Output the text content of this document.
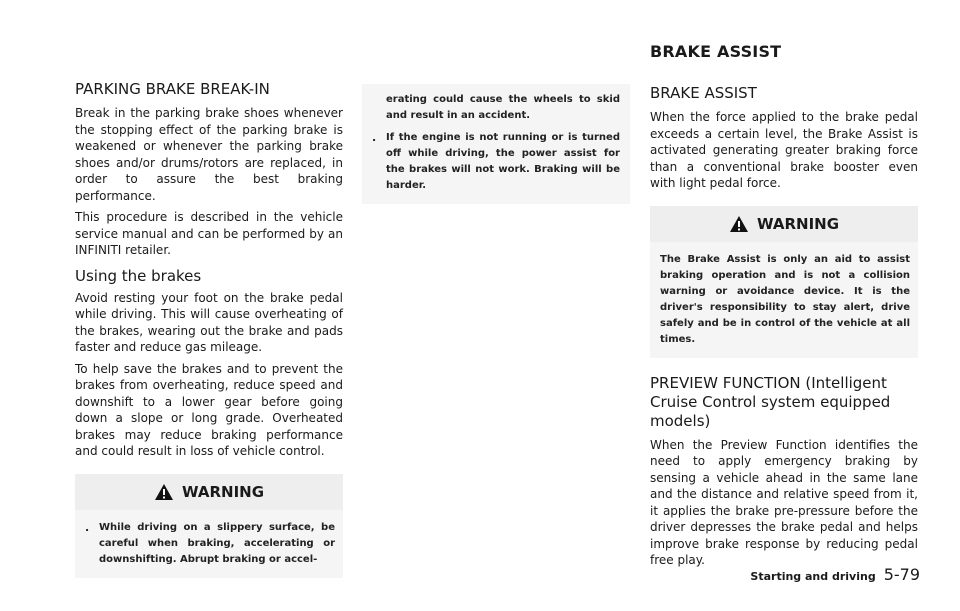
BRAKE ASSIST
PARKING BRAKE BREAK-IN

Break in the parking brake shoes whenever the stopping effect of the parking brake is weakened or whenever the parking brake shoes and/or drums/rotors are replaced, in order to assure the best braking performance.

This procedure is described in the vehicle service manual and can be performed by an INFINITI retailer.

Using the brakes

Avoid resting your foot on the brake pedal while driving. This will cause overheating of the brakes, wearing out the brake and pads faster and reduce gas mileage.

To help save the brakes and to prevent the brakes from overheating, reduce speed and downshift to a lower gear before going down a slope or long grade. Overheated brakes may reduce braking performance and could result in loss of vehicle control.

WARNING
. While driving on a slippery surface, be careful when braking, accelerating or downshifting. Abrupt braking or accel-
erating could cause the wheels to skid and result in an accident.
. If the engine is not running or is turned off while driving, the power assist for the brakes will not work. Braking will be harder.
BRAKE ASSIST

When the force applied to the brake pedal exceeds a certain level, the Brake Assist is activated generating greater braking force than a conventional brake booster even with light pedal force.

WARNING
The Brake Assist is only an aid to assist braking operation and is not a collision warning or avoidance device. It is the driver's responsibility to stay alert, drive safely and be in control of the vehicle at all times.
PREVIEW FUNCTION (Intelligent Cruise Control system equipped models)

When the Preview Function identifies the need to apply emergency braking by sensing a vehicle ahead in the same lane and the distance and relative speed from it, it applies the brake pre-pressure before the driver depresses the brake pedal and helps improve brake response by reducing pedal free play.

Starting and driving 5-79
